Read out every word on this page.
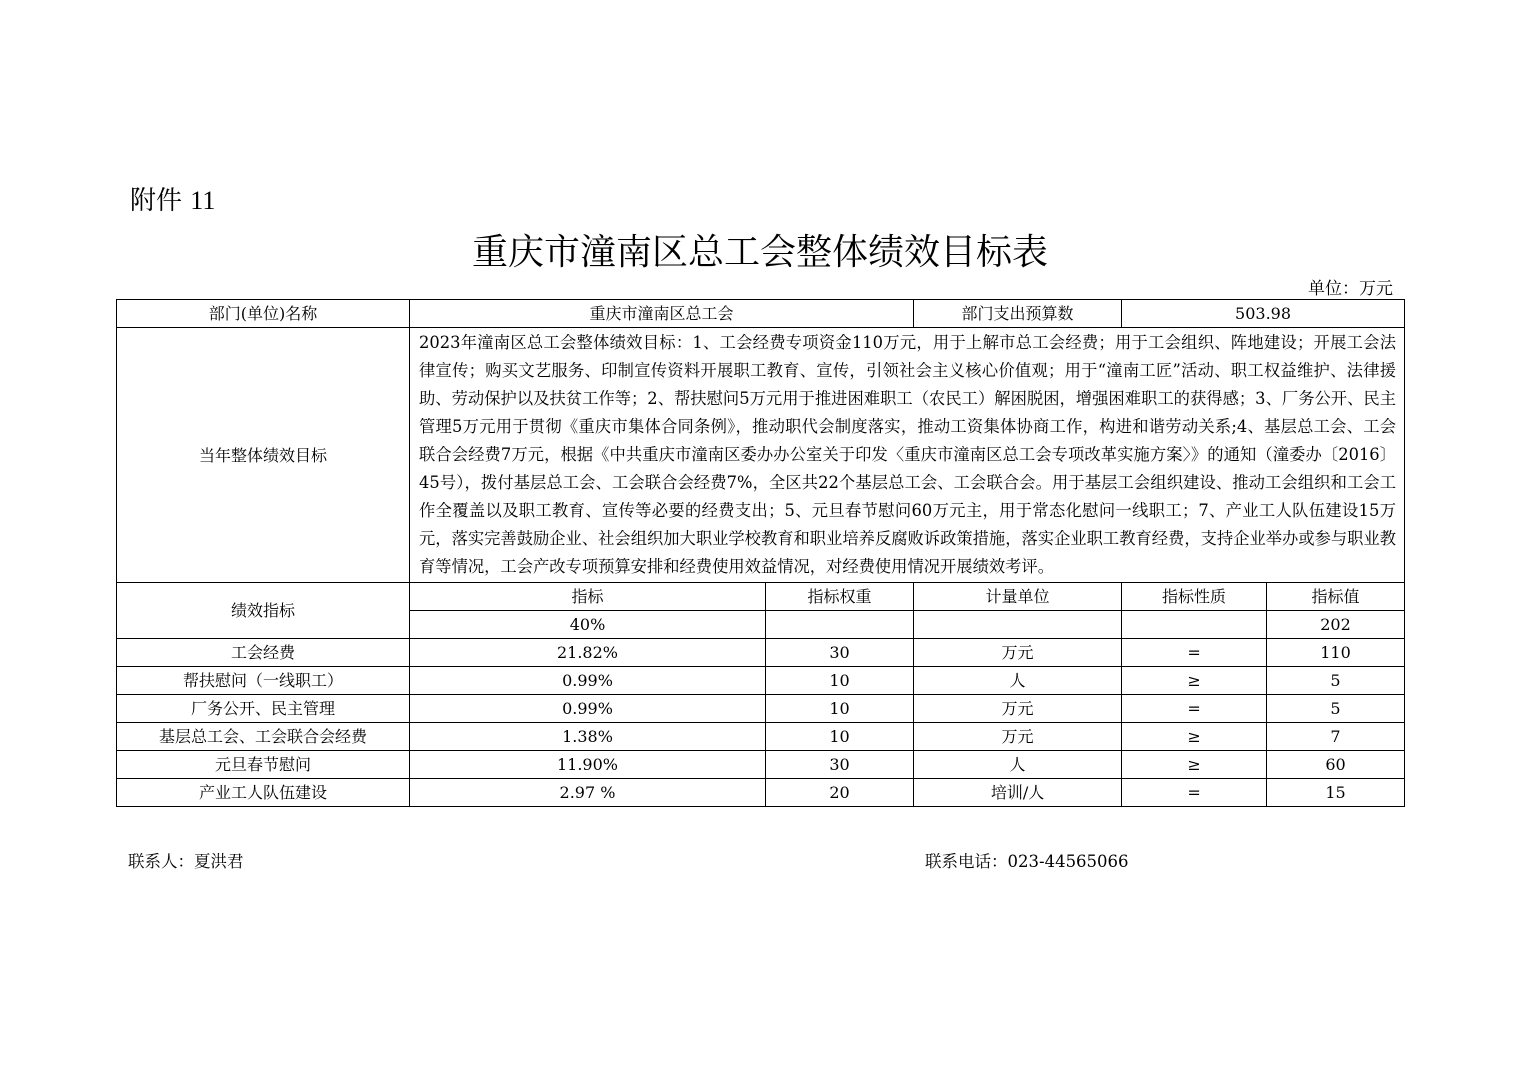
附件 11
重庆市潼南区总工会整体绩效目标表
单位：万元
部门(单位)名称	重庆市潼南区总工会		部门支出预算数	503.98	
当年整体绩效目标	2023年潼南区总工会整体绩效目标：1、工会经费专项资金110万元，用于上解市总工会经费；用于工会组织、阵地建设；开展工会法律宣传；购买文艺服务、印制宣传资料开展职工教育、宣传，引领社会主义核心价值观；用于“潼南工匠”活动、职工权益维护、法律援助、劳动保护以及扶贫工作等；2、帮扶慰问5万元用于推进困难职工（农民工）解困脱困，增强困难职工的获得感；3、厂务公开、民主管理5万元用于贯彻《重庆市集体合同条例》，推动职代会制度落实，推动工资集体协商工作，构进和谐劳动关系;4、基层总工会、工会联合会经费7万元，根据《中共重庆市潼南区委办办公室关于印发〈重庆市潼南区总工会专项改革实施方案〉》的通知（潼委办〔2016〕45号），拨付基层总工会、工会联合会经费7%，全区共22个基层总工会、工会联合会。用于基层工会组织建设、推动工会组织和工会工作全覆盖以及职工教育、宣传等必要的经费支出；5、元旦春节慰问60万元主，用于常态化慰问一线职工；7、产业工人队伍建设15万元，落实完善鼓励企业、社会组织加大职业学校教育和职业培养反腐败诉政策措施，落实企业职工教育经费，支持企业举办或参与职业教育等情况，工会产改专项预算安排和经费使用效益情况，对经费使用情况开展绩效考评。				
绩效指标	指标	指标权重	计量单位	指标性质	指标值
	40%				202
工会经费	21.82%	30	万元	=	110
帮扶慰问（一线职工）	0.99%	10	人	≥	5
厂务公开、民主管理	0.99%	10	万元	=	5
基层总工会、工会联合会经费	1.38%	10	万元	≥	7
元旦春节慰问	11.90%	30	人	≥	60
产业工人队伍建设	2.97 %	20	培训/人	=	15
联系人：夏洪君	联系电话：023-44565066
